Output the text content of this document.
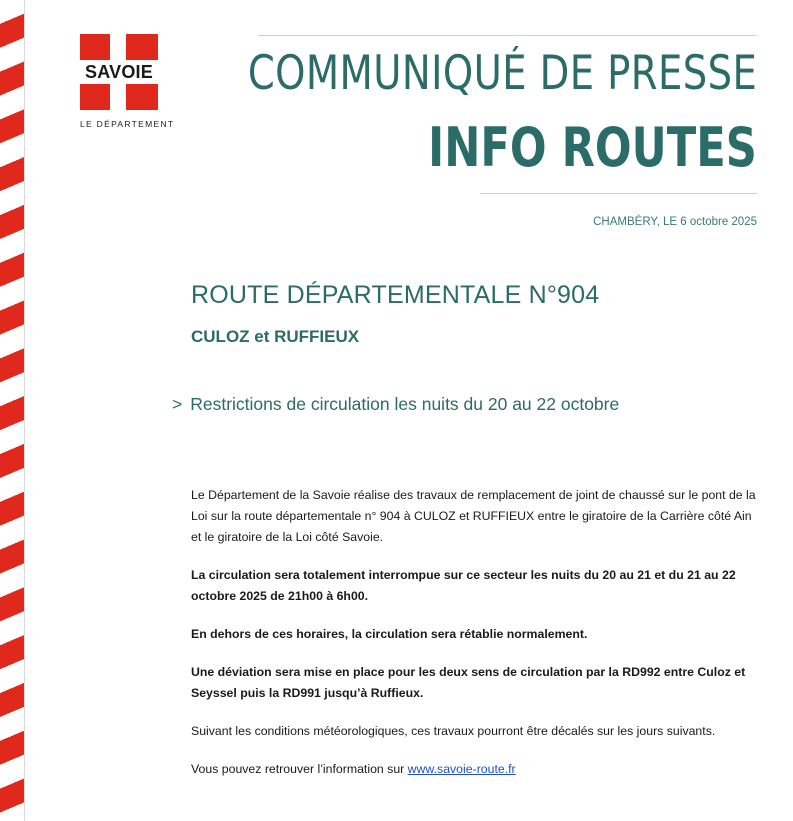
SAVOIE
LE DÉPARTEMENT
COMMUNIQUÉ DE PRESSE
INFO ROUTES
CHAMBÉRY, LE 6 octobre 2025
ROUTE DÉPARTEMENTALE N°904
CULOZ et RUFFIEUX
> Restrictions de circulation les nuits du 20 au 22 octobre

Le Département de la Savoie réalise des travaux de remplacement de joint de chaussé sur le pont de la Loi sur la route départementale n° 904 à CULOZ et RUFFIEUX entre le giratoire de la Carrière côté Ain et le giratoire de la Loi côté Savoie.

La circulation sera totalement interrompue sur ce secteur les nuits du 20 au 21 et du 21 au 22 octobre 2025 de 21h00 à 6h00.

En dehors de ces horaires, la circulation sera rétablie normalement.

Une déviation sera mise en place pour les deux sens de circulation par la RD992 entre Culoz et Seyssel puis la RD991 jusqu’à Ruffieux.

Suivant les conditions météorologiques, ces travaux pourront être décalés sur les jours suivants.

Vous pouvez retrouver l’information sur www.savoie-route.fr
